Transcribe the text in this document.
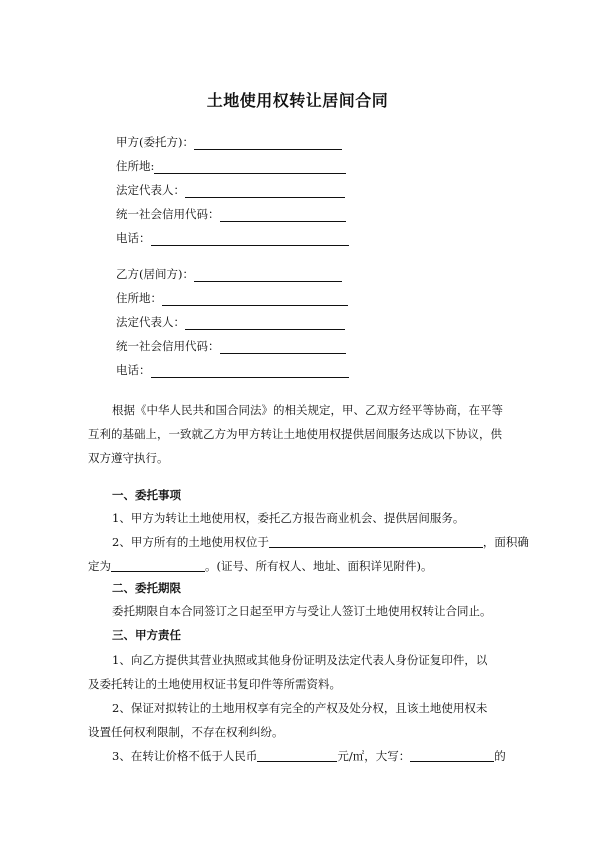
土地使用权转让居间合同
甲方(委托方)：
住所地:
法定代表人：
统一社会信用代码：
电话：
乙方(居间方)：
住所地：
法定代表人：
统一社会信用代码：
电话：
根据《中华人民共和国合同法》的相关规定，甲、乙双方经平等协商，在平等互利的基础上，一致就乙方为甲方转让土地使用权提供居间服务达成以下协议，供双方遵守执行。
一、委托事项
1、甲方为转让土地使用权，委托乙方报告商业机会、提供居间服务。
2、甲方所有的土地使用权位于	，面积确
定为	。(证号、所有权人、地址、面积详见附件)。
二、委托期限
委托期限自本合同签订之日起至甲方与受让人签订土地使用权转让合同止。
三、甲方责任
1、向乙方提供其营业执照或其他身份证明及法定代表人身份证复印件，以
及委托转让的土地使用权证书复印件等所需资料。
2、保证对拟转让的土地用权享有完全的产权及处分权，且该土地使用权未
设置任何权利限制，不存在权利纠纷。
3、在转让价格不低于人民币	元/㎡，大写：	的
